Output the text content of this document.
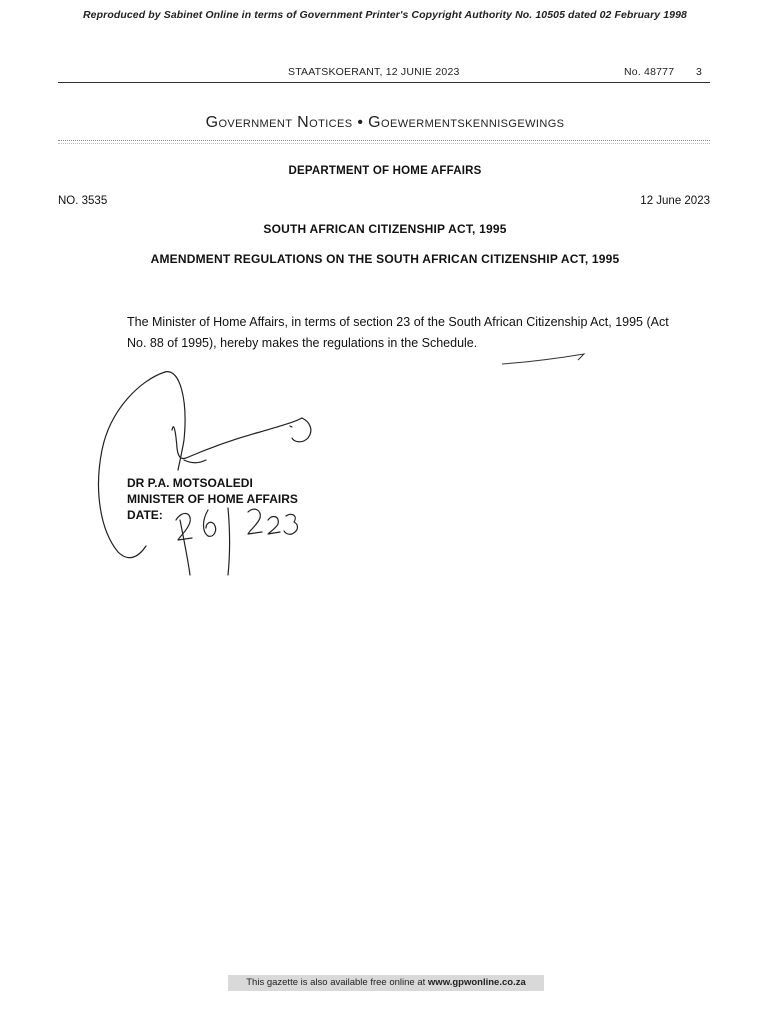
Reproduced by Sabinet Online in terms of Government Printer's Copyright Authority No. 10505 dated 02 February 1998
STAATSKOERANT, 12 JUNIE 2023	No. 48777 3
Government Notices • Goewermentskennisgewings
DEPARTMENT OF HOME AFFAIRS
NO. 3535	12 June 2023
SOUTH AFRICAN CITIZENSHIP ACT, 1995
AMENDMENT REGULATIONS ON THE SOUTH AFRICAN CITIZENSHIP ACT, 1995
The Minister of Home Affairs, in terms of section 23 of the South African Citizenship Act, 1995 (Act No. 88 of 1995), hereby makes the regulations in the Schedule.
DR P.A. MOTSOALEDI
MINISTER OF HOME AFFAIRS
DATE:
This gazette is also available free online at www.gpwonline.co.za
